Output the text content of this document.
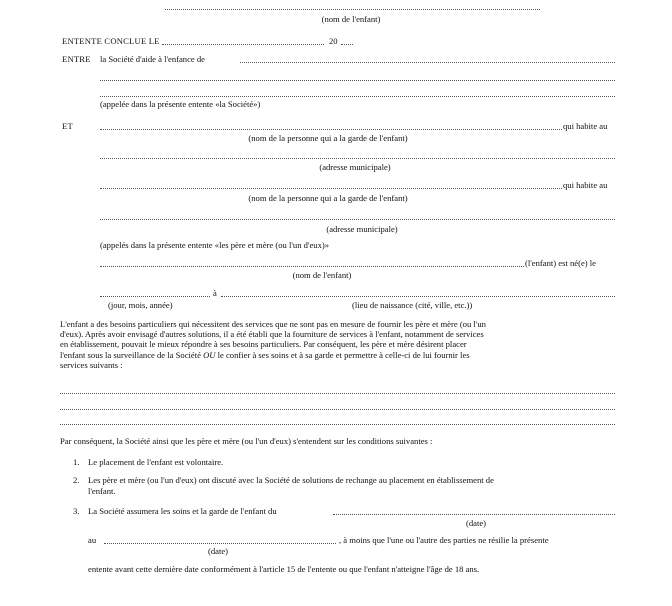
(nom de l'enfant)
ENTENTE CONCLUE LE	20
ENTRE la Société d'aide à l'enfance de
(appelée dans la présente entente «la Société»)
ET	qui habite au
(nom de la personne qui a la garde de l'enfant)
(adresse municipale)
qui habite au
(nom de la personne qui a la garde de l'enfant)
(adresse municipale)
(appelés dans la présente entente «les père et mère (ou l'un d'eux)»
(l'enfant) est né(e) le
(nom de l'enfant)
à
(jour, mois, année)	(lieu de naissance (cité, ville, etc.))
L'enfant a des besoins particuliers qui nécessitent des services que ne sont pas en mesure de fournir les père et mère (ou l'un
d'eux). Après avoir envisagé d'autres solutions, il a été établi que la fourniture de services à l'enfant, notamment de services
en établissement, pouvait le mieux répondre à ses besoins particuliers. Par conséquent, les père et mère désirent placer
l'enfant sous la surveillance de la Société OU le confier à ses soins et à sa garde et permettre à celle-ci de lui fournir les
services suivants :
Par conséquent, la Société ainsi que les père et mère (ou l'un d'eux) s'entendent sur les conditions suivantes :
1. Le placement de l'enfant est volontaire.
2. Les père et mère (ou l'un d'eux) ont discuté avec la Société de solutions de rechange au placement en établissement de
l'enfant.
3. La Société assumera les soins et la garde de l'enfant du
(date)
au	, à moins que l'une ou l'autre des parties ne résilie la présente
(date)
entente avant cette dernière date conformément à l'article 15 de l'entente ou que l'enfant n'atteigne l'âge de 18 ans.
